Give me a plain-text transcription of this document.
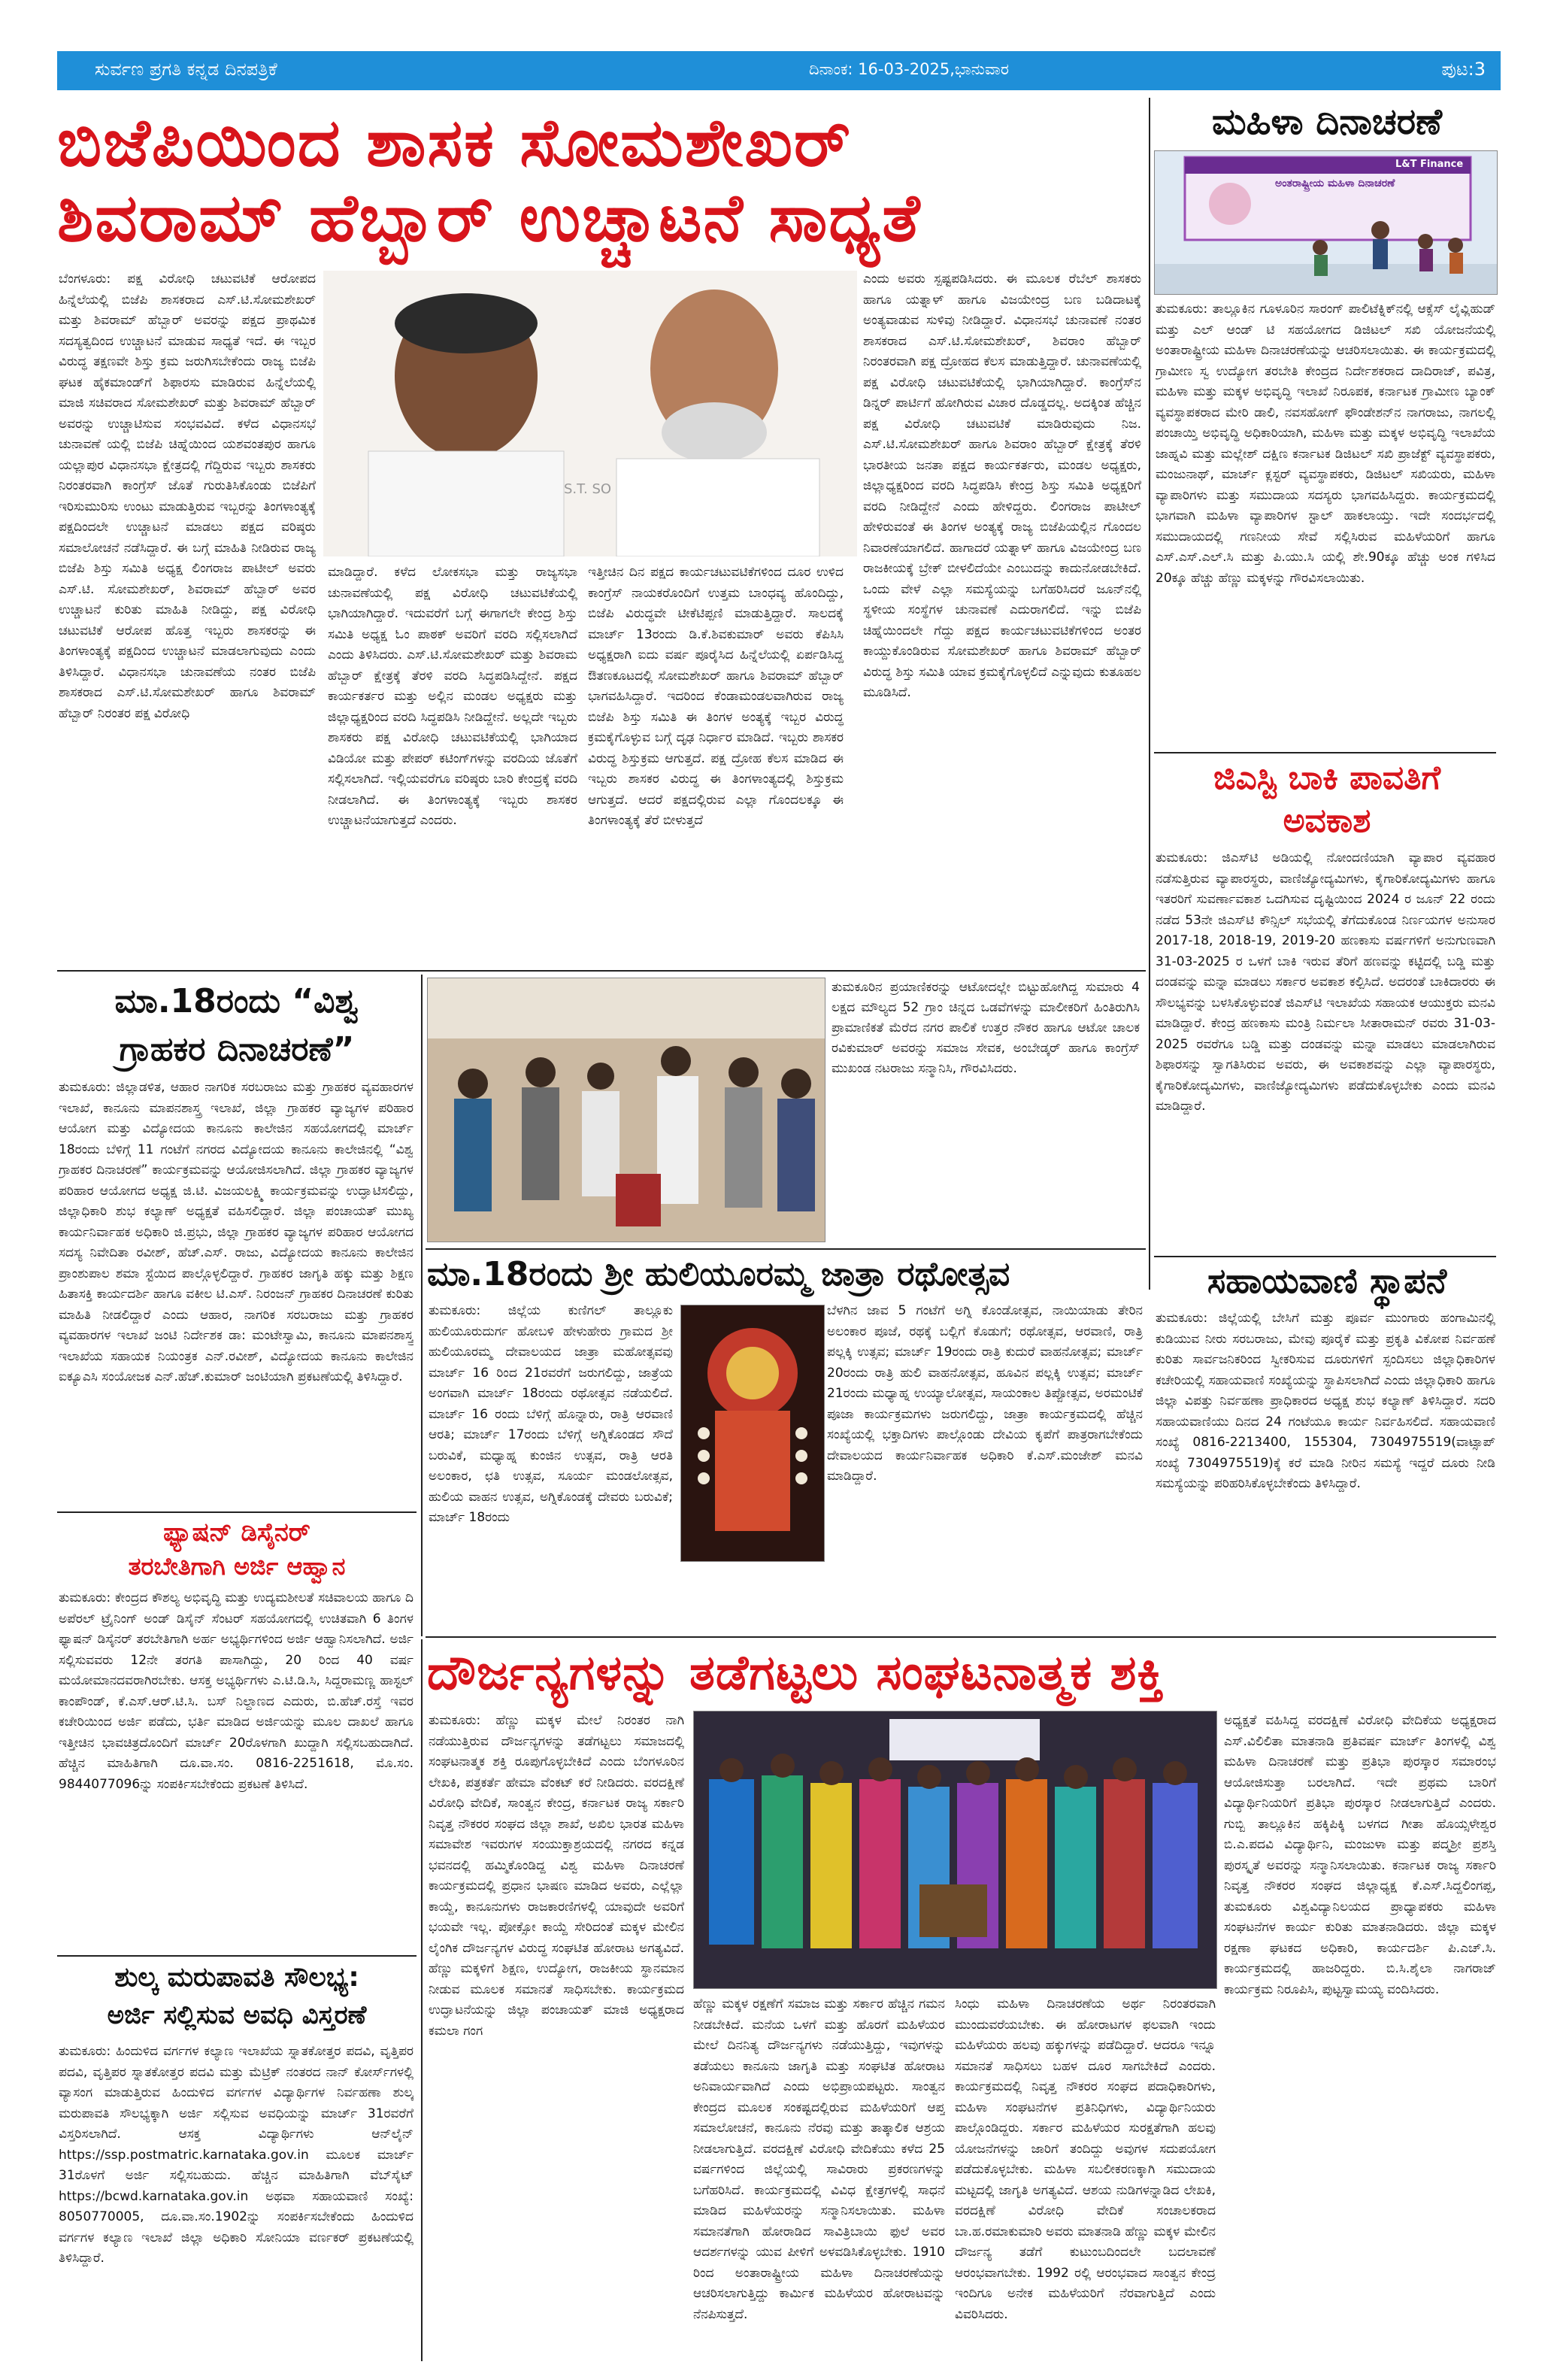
ಸುರ್ವಣ ಪ್ರಗತಿ ಕನ್ನಡ ದಿನಪತ್ರಿಕೆ	ದಿನಾಂಕ: 16-03-2025,ಭಾನುವಾರ	ಪುಟ:3
ಬಿಜೆಪಿಯಿಂದ ಶಾಸಕ ಸೋಮಶೇಖರ್
ಶಿವರಾಮ್ ಹೆಬ್ಬಾರ್ ಉಚ್ಚಾಟನೆ ಸಾಧ್ಯತೆ
ಮಹಿಳಾ ದಿನಾಚರಣೆ
ಅಂತರಾಷ್ಟ್ರೀಯ ಮಹಿಳಾ ದಿನಾಚರಣೆ
L&T Finance
ತುಮಕೂರು: ತಾಲ್ಲೂಕಿನ ಗೂಳೂರಿನ ಸಾರಂಗ್ ಪಾಲಿಟೆಕ್ನಿಕ್‌ನಲ್ಲಿ ಆಕ್ಸೆಸ್ ಲೈವ್ಲಿಹುಡ್ ಮತ್ತು ಎಲ್ ಆಂಡ್ ಟಿ ಸಹಯೋಗದ ಡಿಜಿಟಲ್ ಸಖಿ ಯೋಜನೆಯಲ್ಲಿ ಅಂತಾರಾಷ್ಟ್ರೀಯ ಮಹಿಳಾ ದಿನಾಚರಣೆಯನ್ನು ಆಚರಿಸಲಾಯಿತು. ಈ ಕಾರ್ಯಕ್ರಮದಲ್ಲಿ ಗ್ರಾಮೀಣ ಸ್ವ ಉದ್ಯೋಗ ತರಬೇತಿ ಕೇಂದ್ರದ ನಿರ್ದೇಶಕರಾದ ದಾದಿರಾಜ್, ಪವಿತ್ರ, ಮಹಿಳಾ ಮತ್ತು ಮಕ್ಕಳ ಅಭಿವೃದ್ಧಿ ಇಲಾಖೆ ನಿರೂಪಕ, ಕರ್ನಾಟಕ ಗ್ರಾಮೀಣ ಬ್ಯಾಂಕ್ ವ್ಯವಸ್ಥಾಪಕರಾದ ಮೇರಿ ಡಾಲಿ, ನವಸಹೋಗ್ ಫೌಂಡೇಶನ್‌ನ ನಾಗರಾಜು, ನಾಗಲಲ್ಲಿ ಪಂಚಾಯ್ತಿ ಅಭಿವೃದ್ಧಿ ಅಧಿಕಾರಿಯಾಗಿ, ಮಹಿಳಾ ಮತ್ತು ಮಕ್ಕಳ ಅಭಿವೃದ್ಧಿ ಇಲಾಖೆಯ ಜಾಹ್ನವಿ ಮತ್ತು ಮಲ್ಲೇಶ್ ದಕ್ಷಿಣ ಕರ್ನಾಟಕ ಡಿಜಿಟಲ್ ಸಖಿ ಪ್ರಾಜೆಕ್ಟ್ ವ್ಯವಸ್ಥಾಪಕರು, ಮಂಜುನಾಥ್, ಮಾರ್ಚ್ ಕ್ಲಸ್ಟರ್ ವ್ಯವಸ್ಥಾಪಕರು, ಡಿಜಿಟಲ್ ಸಖಿಯರು, ಮಹಿಳಾ ವ್ಯಾಪಾರಿಗಳು ಮತ್ತು ಸಮುದಾಯ ಸದಸ್ಯರು ಭಾಗವಹಿಸಿದ್ದರು. ಕಾರ್ಯಕ್ರಮದಲ್ಲಿ ಭಾಗವಾಗಿ ಮಹಿಳಾ ವ್ಯಾಪಾರಿಗಳ ಸ್ಟಾಲ್ ಹಾಕಲಾಯ್ತು. ಇದೇ ಸಂದರ್ಭದಲ್ಲಿ ಸಮುದಾಯದಲ್ಲಿ ಗಣನೀಯ ಸೇವೆ ಸಲ್ಲಿಸಿರುವ ಮಹಿಳೆಯರಿಗೆ ಹಾಗೂ ಎಸ್.ಎಸ್.ಎಲ್.ಸಿ ಮತ್ತು ಪಿ.ಯು.ಸಿ ಯಲ್ಲಿ ಶೇ.90ಕ್ಕೂ ಹೆಚ್ಚು ಅಂಕ ಗಳಿಸಿದ 20ಕ್ಕೂ ಹೆಚ್ಚು ಹೆಣ್ಣು ಮಕ್ಕಳನ್ನು ಗೌರವಿಸಲಾಯಿತು.
ಜಿಎಸ್ಟಿ ಬಾಕಿ ಪಾವತಿಗೆ
ಅವಕಾಶ
ತುಮಕೂರು: ಜಿಎಸ್‌ಟಿ ಅಡಿಯಲ್ಲಿ ನೋಂದಣಿಯಾಗಿ ವ್ಯಾಪಾರ ವ್ಯವಹಾರ ನಡೆಸುತ್ತಿರುವ ವ್ಯಾಪಾರಸ್ಥರು, ವಾಣಿಜ್ಯೋದ್ಯಮಿಗಳು, ಕೈಗಾರಿಕೋದ್ಯಮಿಗಳು ಹಾಗೂ ಇತರರಿಗೆ ಸುವರ್ಣಾವಕಾಶ ಒದಗಿಸುವ ದೃಷ್ಟಿಯಿಂದ 2024 ರ ಜೂನ್ 22 ರಂದು ನಡೆದ 53ನೇ ಜಿಎಸ್‌ಟಿ ಕೌನ್ಸಿಲ್ ಸಭೆಯಲ್ಲಿ ತೆಗೆದುಕೊಂಡ ನಿರ್ಣಯಗಳ ಅನುಸಾರ 2017-18, 2018-19, 2019-20 ಹಣಕಾಸು ವರ್ಷಗಳಿಗೆ ಅನುಗುಣವಾಗಿ 31-03-2025 ರ ಒಳಗೆ ಬಾಕಿ ಇರುವ ತೆರಿಗೆ ಹಣವನ್ನು ಕಟ್ಟಿದಲ್ಲಿ ಬಡ್ಡಿ ಮತ್ತು ದಂಡವನ್ನು ಮನ್ನಾ ಮಾಡಲು ಸರ್ಕಾರ ಅವಕಾಶ ಕಲ್ಪಿಸಿದೆ. ಅದರಂತೆ ಬಾಕಿದಾರರು ಈ ಸೌಲಭ್ಯವನ್ನು ಬಳಸಿಕೊಳ್ಳುವಂತೆ ಜಿಎಸ್‌ಟಿ ಇಲಾಖೆಯ ಸಹಾಯಕ ಆಯುಕ್ತರು ಮನವಿ ಮಾಡಿದ್ದಾರೆ. ಕೇಂದ್ರ ಹಣಕಾಸು ಮಂತ್ರಿ ನಿರ್ಮಲಾ ಸೀತಾರಾಮನ್ ರವರು 31-03-2025 ರವರೆಗೂ ಬಡ್ಡಿ ಮತ್ತು ದಂಡವನ್ನು ಮನ್ನಾ ಮಾಡಲು ಮಾಡಲಾಗಿರುವ ಶಿಫಾರಸನ್ನು ಸ್ವಾಗತಿಸಿರುವ ಅವರು, ಈ ಅವಕಾಶವನ್ನು ಎಲ್ಲಾ ವ್ಯಾಪಾರಸ್ಥರು, ಕೈಗಾರಿಕೋದ್ಯಮಿಗಳು, ವಾಣಿಜ್ಯೋದ್ಯಮಿಗಳು ಪಡೆದುಕೊಳ್ಳಬೇಕು ಎಂದು ಮನವಿ ಮಾಡಿದ್ದಾರೆ.
S.T. SO
ಬೆಂಗಳೂರು: ಪಕ್ಷ ವಿರೋಧಿ ಚಟುವಟಿಕೆ ಆರೋಪದ ಹಿನ್ನೆಲೆಯಲ್ಲಿ ಬಿಜೆಪಿ ಶಾಸಕರಾದ ಎಸ್.ಟಿ.ಸೋಮಶೇಖರ್ ಮತ್ತು ಶಿವರಾಮ್ ಹೆಬ್ಬಾರ್ ಅವರನ್ನು ಪಕ್ಷದ ಪ್ರಾಥಮಿಕ ಸದಸ್ಯತ್ವದಿಂದ ಉಚ್ಚಾಟನೆ ಮಾಡುವ ಸಾಧ್ಯತೆ ಇದೆ. ಈ ಇಬ್ಬರ ವಿರುದ್ಧ ತಕ್ಷಣವೇ ಶಿಸ್ತು ಕ್ರಮ ಜರುಗಿಸಬೇಕೆಂದು ರಾಜ್ಯ ಬಿಜೆಪಿ ಘಟಕ ಹೈಕಮಾಂಡ್‌ಗೆ ಶಿಫಾರಸು ಮಾಡಿರುವ ಹಿನ್ನೆಲೆಯಲ್ಲಿ ಮಾಜಿ ಸಚಿವರಾದ ಸೋಮಶೇಖರ್ ಮತ್ತು ಶಿವರಾಮ್ ಹೆಬ್ಬಾರ್ ಅವರನ್ನು ಉಚ್ಚಾಟಿಸುವ ಸಂಭವವಿದೆ. ಕಳೆದ ವಿಧಾನಸಭೆ ಚುನಾವಣೆ ಯಲ್ಲಿ ಬಿಜೆಪಿ ಚಿಹ್ನೆಯಿಂದ ಯಶವಂತಪುರ ಹಾಗೂ ಯಲ್ಲಾಪುರ ವಿಧಾನಸಭಾ ಕ್ಷೇತ್ರದಲ್ಲಿ ಗೆದ್ದಿರುವ ಇಬ್ಬರು ಶಾಸಕರು ನಿರಂತರವಾಗಿ ಕಾಂಗ್ರೆಸ್ ಜೊತೆ ಗುರುತಿಸಿಕೊಂಡು ಬಿಜೆಪಿಗೆ ಇರಿಸುಮುರಿಸು ಉಂಟು ಮಾಡುತ್ತಿರುವ ಇಬ್ಬರನ್ನು ತಿಂಗಳಾಂತ್ಯಕ್ಕೆ ಪಕ್ಷದಿಂದಲೇ ಉಚ್ಚಾಟನೆ ಮಾಡಲು ಪಕ್ಷದ ವರಿಷ್ಠರು ಸಮಾಲೋಚನೆ ನಡೆಸಿದ್ದಾರೆ. ಈ ಬಗ್ಗೆ ಮಾಹಿತಿ ನೀಡಿರುವ ರಾಜ್ಯ ಬಿಜೆಪಿ ಶಿಸ್ತು ಸಮಿತಿ ಅಧ್ಯಕ್ಷ ಲಿಂಗರಾಜ ಪಾಟೀಲ್ ಅವರು ಎಸ್.ಟಿ. ಸೋಮಶೇಖರ್, ಶಿವರಾಮ್ ಹೆಬ್ಬಾರ್ ಅವರ ಉಚ್ಚಾಟನೆ ಕುರಿತು ಮಾಹಿತಿ ನೀಡಿದ್ದು, ಪಕ್ಷ ವಿರೋಧಿ ಚಟುವಟಿಕೆ ಆರೋಪ ಹೊತ್ತ ಇಬ್ಬರು ಶಾಸಕರನ್ನು ಈ ತಿಂಗಳಾಂತ್ಯಕ್ಕೆ ಪಕ್ಷದಿಂದ ಉಚ್ಚಾಟನೆ ಮಾಡಲಾಗುವುದು ಎಂದು ತಿಳಿಸಿದ್ದಾರೆ. ವಿಧಾನಸಭಾ ಚುನಾವಣೆಯ ನಂತರ ಬಿಜೆಪಿ ಶಾಸಕರಾದ ಎಸ್.ಟಿ.ಸೋಮಶೇಖರ್ ಹಾಗೂ ಶಿವರಾಮ್ ಹೆಬ್ಬಾರ್ ನಿರಂತರ ಪಕ್ಷ ವಿರೋಧಿ
ಮಾಡಿದ್ದಾರೆ. ಕಳೆದ ಲೋಕಸಭಾ ಮತ್ತು ರಾಜ್ಯಸಭಾ ಚುನಾವಣೆಯಲ್ಲಿ ಪಕ್ಷ ವಿರೋಧಿ ಚಟುವಟಿಕೆಯಲ್ಲಿ ಭಾಗಿಯಾಗಿದ್ದಾರೆ. ಇದುವರೆಗೆ ಬಗ್ಗೆ ಈಗಾಗಲೇ ಕೇಂದ್ರ ಶಿಸ್ತು ಸಮಿತಿ ಅಧ್ಯಕ್ಷ ಓಂ ಪಾಠಕ್ ಅವರಿಗೆ ವರದಿ ಸಲ್ಲಿಸಲಾಗಿದೆ ಎಂದು ತಿಳಿಸಿದರು. ಎಸ್.ಟಿ.ಸೋಮಶೇಖರ್ ಮತ್ತು ಶಿವರಾಮ ಹೆಬ್ಬಾರ್ ಕ್ಷೇತ್ರಕ್ಕೆ ತೆರಳಿ ವರದಿ ಸಿದ್ಧಪಡಿಸಿದ್ದೇನೆ. ಪಕ್ಷದ ಕಾರ್ಯಕರ್ತರ ಮತ್ತು ಅಲ್ಲಿನ ಮಂಡಲ ಅಧ್ಯಕ್ಷರು ಮತ್ತು ಜಿಲ್ಲಾಧ್ಯಕ್ಷರಿಂದ ವರದಿ ಸಿದ್ಧಪಡಿಸಿ ನೀಡಿದ್ದೇನೆ. ಅಲ್ಲದೇ ಇಬ್ಬರು ಶಾಸಕರು ಪಕ್ಷ ವಿರೋಧಿ ಚಟುವಟಿಕೆಯಲ್ಲಿ ಭಾಗಿಯಾದ ವಿಡಿಯೋ ಮತ್ತು ಪೇಪರ್ ಕಟಿಂಗ್‌ಗಳನ್ನು ವರದಿಯ ಜೊತೆಗೆ ಸಲ್ಲಿಸಲಾಗಿದೆ. ಇಲ್ಲಿಯವರೆಗೂ ವರಿಷ್ಠರು ಬಾರಿ ಕೇಂದ್ರಕ್ಕೆ ವರದಿ ನೀಡಲಾಗಿದೆ. ಈ ತಿಂಗಳಾಂತ್ಯಕ್ಕೆ ಇಬ್ಬರು ಶಾಸಕರ ಉಚ್ಚಾಟನೆಯಾಗುತ್ತದೆ ಎಂದರು.
ಇತ್ತೀಚಿನ ದಿನ ಪಕ್ಷದ ಕಾರ್ಯಚಟುವಟಿಕೆಗಳಿಂದ ದೂರ ಉಳಿದ ಕಾಂಗ್ರೆಸ್ ನಾಯಕರೊಂದಿಗೆ ಉತ್ತಮ ಬಾಂಧವ್ಯ ಹೊಂದಿದ್ದು, ಬಿಜೆಪಿ ವಿರುದ್ಧವೇ ಟೀಕೆಟಿಪ್ಪಣಿ ಮಾಡುತ್ತಿದ್ದಾರೆ. ಸಾಲದಕ್ಕೆ ಮಾರ್ಚ್ 13ರಂದು ಡಿ.ಕೆ.ಶಿವಕುಮಾರ್ ಅವರು ಕೆಪಿಸಿಸಿ ಅಧ್ಯಕ್ಷರಾಗಿ ಐದು ವರ್ಷ ಪೂರೈಸಿದ ಹಿನ್ನೆಲೆಯಲ್ಲಿ ಏರ್ಪಡಿಸಿದ್ದ ಔತಣಕೂಟದಲ್ಲಿ ಸೋಮಶೇಖರ್ ಹಾಗೂ ಶಿವರಾಮ್ ಹೆಬ್ಬಾರ್ ಭಾಗವಹಿಸಿದ್ದಾರೆ. ಇದರಿಂದ ಕೆಂಡಾಮಂಡಲವಾಗಿರುವ ರಾಜ್ಯ ಬಿಜೆಪಿ ಶಿಸ್ತು ಸಮಿತಿ ಈ ತಿಂಗಳ ಅಂತ್ಯಕ್ಕೆ ಇಬ್ಬರ ವಿರುದ್ಧ ಕ್ರಮಕೈಗೊಳ್ಳುವ ಬಗ್ಗೆ ದೃಢ ನಿರ್ಧಾರ ಮಾಡಿದೆ. ಇಬ್ಬರು ಶಾಸಕರ ವಿರುದ್ಧ ಶಿಸ್ತುಕ್ರಮ ಆಗುತ್ತದೆ. ಪಕ್ಷ ದ್ರೋಹ ಕೆಲಸ ಮಾಡಿದ ಈ ಇಬ್ಬರು ಶಾಸಕರ ವಿರುದ್ಧ ಈ ತಿಂಗಳಾಂತ್ಯದಲ್ಲಿ ಶಿಸ್ತುಕ್ರಮ ಆಗುತ್ತದೆ. ಆದರೆ ಪಕ್ಷದಲ್ಲಿರುವ ಎಲ್ಲಾ ಗೊಂದಲಕ್ಕೂ ಈ ತಿಂಗಳಾಂತ್ಯಕ್ಕೆ ತೆರೆ ಬೀಳುತ್ತದೆ
ಎಂದು ಅವರು ಸ್ಪಷ್ಟಪಡಿಸಿದರು. ಈ ಮೂಲಕ ರೆಬೆಲ್ ಶಾಸಕರು ಹಾಗೂ ಯತ್ನಾಳ್ ಹಾಗೂ ವಿಜಯೇಂದ್ರ ಬಣ ಬಡಿದಾಟಕ್ಕೆ ಅಂತ್ಯವಾಡುವ ಸುಳಿವು ನೀಡಿದ್ದಾರೆ. ವಿಧಾನಸಭೆ ಚುನಾವಣೆ ನಂತರ ಶಾಸಕರಾದ ಎಸ್.ಟಿ.ಸೋಮಶೇಖರ್, ಶಿವರಾಂ ಹೆಬ್ಬಾರ್ ನಿರಂತರವಾಗಿ ಪಕ್ಷ ದ್ರೋಹದ ಕೆಲಸ ಮಾಡುತ್ತಿದ್ದಾರೆ. ಚುನಾವಣೆಯಲ್ಲಿ ಪಕ್ಷ ವಿರೋಧಿ ಚಟುವಟಿಕೆಯಲ್ಲಿ ಭಾಗಿಯಾಗಿದ್ದಾರೆ. ಕಾಂಗ್ರೆಸ್‌ನ ಡಿನ್ನರ್ ಪಾರ್ಟಿಗೆ ಹೋಗಿರುವ ವಿಚಾರ ದೊಡ್ಡದಲ್ಲ. ಅದಕ್ಕಿಂತ ಹೆಚ್ಚಿನ ಪಕ್ಷ ವಿರೋಧಿ ಚಟುವಟಿಕೆ ಮಾಡಿರುವುದು ನಿಜ. ಎಸ್.ಟಿ.ಸೋಮಶೇಖರ್ ಹಾಗೂ ಶಿವರಾಂ ಹೆಬ್ಬಾರ್ ಕ್ಷೇತ್ರಕ್ಕೆ ತೆರಳಿ ಭಾರತೀಯ ಜನತಾ ಪಕ್ಷದ ಕಾರ್ಯಕರ್ತರು, ಮಂಡಲ ಅಧ್ಯಕ್ಷರು, ಜಿಲ್ಲಾಧ್ಯಕ್ಷರಿಂದ ವರದಿ ಸಿದ್ಧಪಡಿಸಿ ಕೇಂದ್ರ ಶಿಸ್ತು ಸಮಿತಿ ಅಧ್ಯಕ್ಷರಿಗೆ ವರದಿ ನೀಡಿದ್ದೇನೆ ಎಂದು ಹೇಳಿದ್ದರು. ಲಿಂಗರಾಜ ಪಾಟೀಲ್ ಹೇಳಿರುವಂತೆ ಈ ತಿಂಗಳ ಅಂತ್ಯಕ್ಕೆ ರಾಜ್ಯ ಬಿಜೆಪಿಯಲ್ಲಿನ ಗೊಂದಲ ನಿವಾರಣೆಯಾಗಲಿದೆ. ಹಾಗಾದರೆ ಯತ್ನಾಳ್ ಹಾಗೂ ವಿಜಯೇಂದ್ರ ಬಣ ರಾಜಕೀಯಕ್ಕೆ ಬ್ರೇಕ್ ಬೀಳಲಿದೆಯೇ ಎಂಬುದನ್ನು ಕಾದುನೋಡಬೇಕಿದೆ. ಒಂದು ವೇಳೆ ಎಲ್ಲಾ ಸಮಸ್ಯೆಯನ್ನು ಬಗೆಹರಿಸಿದರೆ ಜೂನ್‌ನಲ್ಲಿ ಸ್ಥಳೀಯ ಸಂಸ್ಥೆಗಳ ಚುನಾವಣೆ ಎದುರಾಗಲಿದೆ. ಇನ್ನು ಬಿಜೆಪಿ ಚಿಹ್ನೆಯಿಂದಲೇ ಗೆದ್ದು ಪಕ್ಷದ ಕಾರ್ಯಚಟುವಟಿಕೆಗಳಿಂದ ಅಂತರ ಕಾಯ್ದುಕೊಂಡಿರುವ ಸೋಮಶೇಖರ್ ಹಾಗೂ ಶಿವರಾಮ್ ಹೆಬ್ಬಾರ್ ವಿರುದ್ಧ ಶಿಸ್ತು ಸಮಿತಿ ಯಾವ ಕ್ರಮಕೈಗೊಳ್ಳಲಿದೆ ಎನ್ನುವುದು ಕುತೂಹಲ ಮೂಡಿಸಿದೆ.
ಮಾ.18ರಂದು “ವಿಶ್ವ
ಗ್ರಾಹಕರ ದಿನಾಚರಣೆ”
ತುಮಕೂರು: ಜಿಲ್ಲಾಡಳಿತ, ಆಹಾರ ನಾಗರಿಕ ಸರಬರಾಜು ಮತ್ತು ಗ್ರಾಹಕರ ವ್ಯವಹಾರಗಳ ಇಲಾಖೆ, ಕಾನೂನು ಮಾಪನಶಾಸ್ತ್ರ ಇಲಾಖೆ, ಜಿಲ್ಲಾ ಗ್ರಾಹಕರ ವ್ಯಾಜ್ಯಗಳ ಪರಿಹಾರ ಆಯೋಗ ಮತ್ತು ವಿದ್ಯೋದಯ ಕಾನೂನು ಕಾಲೇಜಿನ ಸಹಯೋಗದಲ್ಲಿ ಮಾರ್ಚ್ 18ರಂದು ಬೆಳಿಗ್ಗೆ 11 ಗಂಟೆಗೆ ನಗರದ ವಿದ್ಯೋದಯ ಕಾನೂನು ಕಾಲೇಜಿನಲ್ಲಿ “ವಿಶ್ವ ಗ್ರಾಹಕರ ದಿನಾಚರಣೆ” ಕಾರ್ಯಕ್ರಮವನ್ನು ಆಯೋಜಿಸಲಾಗಿದೆ. ಜಿಲ್ಲಾ ಗ್ರಾಹಕರ ವ್ಯಾಜ್ಯಗಳ ಪರಿಹಾರ ಆಯೋಗದ ಅಧ್ಯಕ್ಷ ಜಿ.ಟಿ. ವಿಜಯಲಕ್ಷ್ಮಿ ಕಾರ್ಯಕ್ರಮವನ್ನು ಉದ್ಘಾಟಿಸಲಿದ್ದು, ಜಿಲ್ಲಾಧಿಕಾರಿ ಶುಭ ಕಲ್ಯಾಣ್ ಅಧ್ಯಕ್ಷತೆ ವಹಿಸಲಿದ್ದಾರೆ. ಜಿಲ್ಲಾ ಪಂಚಾಯತ್ ಮುಖ್ಯ ಕಾರ್ಯನಿರ್ವಾಹಕ ಅಧಿಕಾರಿ ಜಿ.ಪ್ರಭು, ಜಿಲ್ಲಾ ಗ್ರಾಹಕರ ವ್ಯಾಜ್ಯಗಳ ಪರಿಹಾರ ಆಯೋಗದ ಸದಸ್ಯ ನಿವೇದಿತಾ ರವೀಶ್, ಹೆಚ್.ಎಸ್. ರಾಜು, ವಿದ್ಯೋದಯ ಕಾನೂನು ಕಾಲೇಜಿನ ಪ್ರಾಂಶುಪಾಲ ಶಮಾ ಸ್ಟೆಯಿದ ಪಾಲ್ಗೊಳ್ಳಲಿದ್ದಾರೆ. ಗ್ರಾಹಕರ ಜಾಗೃತಿ ಹಕ್ಕು ಮತ್ತು ಶಿಕ್ಷಣ ಹಿತಾಸಕ್ತಿ ಕಾರ್ಯದರ್ಶಿ ಹಾಗೂ ವಕೀಲ ಟಿ.ಎಸ್. ನಿರಂಜನ್ ಗ್ರಾಹಕರ ದಿನಾಚರಣೆ ಕುರಿತು ಮಾಹಿತಿ ನೀಡಲಿದ್ದಾರೆ ಎಂದು ಆಹಾರ, ನಾಗರಿಕ ಸರಬರಾಜು ಮತ್ತು ಗ್ರಾಹಕರ ವ್ಯವಹಾರಗಳ ಇಲಾಖೆ ಜಂಟಿ ನಿರ್ದೇಶಕ ಡಾ: ಮಂಟೇಸ್ವಾಮಿ, ಕಾನೂನು ಮಾಪನಶಾಸ್ತ್ರ ಇಲಾಖೆಯ ಸಹಾಯಕ ನಿಯಂತ್ರಕ ಎನ್.ರವೀಶ್, ವಿದ್ಯೋದಯ ಕಾನೂನು ಕಾಲೇಜಿನ ಐಕ್ಯೂಎಸಿ ಸಂಯೋಜಕ ಎನ್.ಹೆಚ್.ಕುಮಾರ್ ಜಂಟಿಯಾಗಿ ಪ್ರಕಟಣೆಯಲ್ಲಿ ತಿಳಿಸಿದ್ದಾರೆ.
ತುಮಕೂರಿನ ಪ್ರಯಾಣಿಕರನ್ನು ಆಟೋದಲ್ಲೇ ಬಿಟ್ಟುಹೋಗಿದ್ದ ಸುಮಾರು 4 ಲಕ್ಷದ ಮೌಲ್ಯದ 52 ಗ್ರಾಂ ಚಿನ್ನದ ಒಡವೆಗಳನ್ನು ಮಾಲೀಕರಿಗೆ ಹಿಂತಿರುಗಿಸಿ ಪ್ರಾಮಾಣಿಕತೆ ಮೆರೆದ ನಗರ ಪಾಲಿಕೆ ಉತ್ತರ ನೌಕರ ಹಾಗೂ ಆಟೋ ಚಾಲಕ ರವಿಕುಮಾರ್ ಅವರನ್ನು ಸಮಾಜ ಸೇವಕ, ಅಂಬೇಡ್ಕರ್ ಹಾಗೂ ಕಾಂಗ್ರೆಸ್ ಮುಖಂಡ ನಟರಾಜು ಸನ್ಮಾನಿಸಿ, ಗೌರವಿಸಿದರು.
ಮಾ.18ರಂದು ಶ್ರೀ ಹುಲಿಯೂರಮ್ಮ ಜಾತ್ರಾ ರಥೋತ್ಸವ
ತುಮಕೂರು: ಜಿಲ್ಲೆಯ ಕುಣಿಗಲ್ ತಾಲ್ಲೂಕು ಹುಲಿಯೂರುದುರ್ಗ ಹೋಬಳಿ ಹೇಳುಹೇರು ಗ್ರಾಮದ ಶ್ರೀ ಹುಲಿಯೂರಮ್ಮ ದೇವಾಲಯದ ಜಾತ್ರಾ ಮಹೋತ್ಸವವು ಮಾರ್ಚ್ 16 ರಿಂದ 21ರವರೆಗೆ ಜರುಗಲಿದ್ದು, ಜಾತ್ರೆಯ ಅಂಗವಾಗಿ ಮಾರ್ಚ್ 18ರಂದು ರಥೋತ್ಸವ ನಡೆಯಲಿದೆ. ಮಾರ್ಚ್ 16 ರಂದು ಬೆಳಿಗ್ಗೆ ಹೊನ್ನಾರು, ರಾತ್ರಿ ಆರವಾಣಿ ಆರತಿ; ಮಾರ್ಚ್ 17ರಂದು ಬೆಳಿಗ್ಗೆ ಅಗ್ನಿಕೊಂಡದ ಸೌದೆ ಬರುವಿಕೆ, ಮಧ್ಯಾಹ್ನ ಕುಂಜಿನ ಉತ್ಸವ, ರಾತ್ರಿ ಆರತಿ ಅಲಂಕಾರ, ಛತಿ ಉತ್ಸವ, ಸೂರ್ಯ ಮಂಡಲೋತ್ಸವ, ಹುಲಿಯ ವಾಹನ ಉತ್ಸವ, ಅಗ್ನಿಕೊಂಡಕ್ಕೆ ದೇವರು ಬರುವಿಕೆ; ಮಾರ್ಚ್ 18ರಂದು
ಬೆಳಗಿನ ಜಾವ 5 ಗಂಟೆಗೆ ಅಗ್ನಿ ಕೊಂಡೋತ್ಸವ, ನಾಯಿಯಾಡು ತೇರಿನ ಅಲಂಕಾರ ಪೂಜೆ, ರಥಕ್ಕೆ ಬಲ್ಲಿಗೆ ಕೊಡುಗೆ; ರಥೋತ್ಸವ, ಆರವಾಣಿ, ರಾತ್ರಿ ಪಲ್ಲಕ್ಕಿ ಉತ್ಸವ; ಮಾರ್ಚ್ 19ರಂದು ರಾತ್ರಿ ಕುದುರೆ ವಾಹನೋತ್ಸವ; ಮಾರ್ಚ್ 20ರಂದು ರಾತ್ರಿ ಹುಲಿ ವಾಹನೋತ್ಸವ, ಹೂವಿನ ಪಲ್ಲಕ್ಕಿ ಉತ್ಸವ; ಮಾರ್ಚ್ 21ರಂದು ಮಧ್ಯಾಹ್ನ ಉಯ್ಯಾಲೋತ್ಸವ, ಸಾಯಂಕಾಲ ತಿಪ್ಪೋತ್ಸವ, ಅರಮಂಟಿಕೆ ಪೂಜಾ ಕಾರ್ಯಕ್ರಮಗಳು ಜರುಗಲಿದ್ದು, ಜಾತ್ರಾ ಕಾರ್ಯಕ್ರಮದಲ್ಲಿ ಹೆಚ್ಚಿನ ಸಂಖ್ಯೆಯಲ್ಲಿ ಭಕ್ತಾದಿಗಳು ಪಾಲ್ಗೊಂಡು ದೇವಿಯ ಕೃಪೆಗೆ ಪಾತ್ರರಾಗಬೇಕೆಂದು ದೇವಾಲಯದ ಕಾರ್ಯನಿರ್ವಾಹಕ ಅಧಿಕಾರಿ ಕೆ.ಎಸ್.ಮಂಜೇಶ್ ಮನವಿ ಮಾಡಿದ್ದಾರೆ.
ಸಹಾಯವಾಣಿ ಸ್ಥಾಪನೆ
ತುಮಕೂರು: ಜಿಲ್ಲೆಯಲ್ಲಿ ಬೇಸಿಗೆ ಮತ್ತು ಪೂರ್ವ ಮುಂಗಾರು ಹಂಗಾಮಿನಲ್ಲಿ ಕುಡಿಯುವ ನೀರು ಸರಬರಾಜು, ಮೇವು ಪೂರೈಕೆ ಮತ್ತು ಪ್ರಕೃತಿ ವಿಕೋಪ ನಿರ್ವಹಣೆ ಕುರಿತು ಸಾರ್ವಜನಿಕರಿಂದ ಸ್ವೀಕರಿಸುವ ದೂರುಗಳಿಗೆ ಸ್ಪಂದಿಸಲು ಜಿಲ್ಲಾಧಿಕಾರಿಗಳ ಕಚೇರಿಯಲ್ಲಿ ಸಹಾಯವಾಣಿ ಸಂಖ್ಯೆಯನ್ನು ಸ್ಥಾಪಿಸಲಾಗಿದೆ ಎಂದು ಜಿಲ್ಲಾಧಿಕಾರಿ ಹಾಗೂ ಜಿಲ್ಲಾ ವಿಪತ್ತು ನಿರ್ವಹಣಾ ಪ್ರಾಧಿಕಾರದ ಅಧ್ಯಕ್ಷ ಶುಭ ಕಲ್ಯಾಣ್ ತಿಳಿಸಿದ್ದಾರೆ. ಸದರಿ ಸಹಾಯವಾಣಿಯು ದಿನದ 24 ಗಂಟೆಯೂ ಕಾರ್ಯ ನಿರ್ವಹಿಸಲಿದೆ. ಸಹಾಯವಾಣಿ ಸಂಖ್ಯೆ 0816-2213400, 155304, 7304975519(ವಾಟ್ಸಾಪ್ ಸಂಖ್ಯೆ 7304975519)ಕ್ಕೆ ಕರೆ ಮಾಡಿ ನೀರಿನ ಸಮಸ್ಯೆ ಇದ್ದರೆ ದೂರು ನೀಡಿ ಸಮಸ್ಯೆಯನ್ನು ಪರಿಹರಿಸಿಕೊಳ್ಳಬೇಕೆಂದು ತಿಳಿಸಿದ್ದಾರೆ.
ಫ್ಯಾಷನ್ ಡಿಸೈನರ್
ತರಬೇತಿಗಾಗಿ ಅರ್ಜಿ ಆಹ್ವಾನ
ತುಮಕೂರು: ಕೇಂದ್ರದ ಕೌಶಲ್ಯ ಅಭಿವೃದ್ಧಿ ಮತ್ತು ಉದ್ಯಮಶೀಲತೆ ಸಚಿವಾಲಯ ಹಾಗೂ ದಿ ಅಪೆರಲ್ ಟ್ರೈನಿಂಗ್ ಅಂಡ್ ಡಿಸೈನ್ ಸೆಂಟರ್ ಸಹಯೋಗದಲ್ಲಿ ಉಚಿತವಾಗಿ 6 ತಿಂಗಳ ಫ್ಯಾಷನ್ ಡಿಸೈನರ್ ತರಬೇತಿಗಾಗಿ ಅರ್ಹ ಅಭ್ಯರ್ಥಿಗಳಿಂದ ಅರ್ಜಿ ಆಹ್ವಾನಿಸಲಾಗಿದೆ. ಅರ್ಜಿ ಸಲ್ಲಿಸುವವರು 12ನೇ ತರಗತಿ ಪಾಸಾಗಿದ್ದು, 20 ರಿಂದ 40 ವರ್ಷ ಮಯೋಮಾನದವರಾಗಿರಬೇಕು. ಆಸಕ್ತ ಅಭ್ಯರ್ಥಿಗಳು ಎ.ಟಿ.ಡಿ.ಸಿ, ಸಿದ್ದರಾಮಣ್ಣ ಹಾಸ್ಟಲ್ ಕಾಂಪೌಂಡ್, ಕೆ.ಎಸ್.ಆರ್.ಟಿ.ಸಿ. ಬಸ್ ನಿಲ್ದಾಣದ ಎದುರು, ಬಿ.ಹೆಚ್.ರಸ್ತೆ ಇವರ ಕಚೇರಿಯಿಂದ ಅರ್ಜಿ ಪಡೆದು, ಭರ್ತಿ ಮಾಡಿದ ಅರ್ಜಿಯನ್ನು ಮೂಲ ದಾಖಲೆ ಹಾಗೂ ಇತ್ತೀಚಿನ ಭಾವಚಿತ್ರದೊಂದಿಗೆ ಮಾರ್ಚ್ 20ರೊಳಗಾಗಿ ಖುದ್ದಾಗಿ ಸಲ್ಲಿಸಬಹುದಾಗಿದೆ. ಹೆಚ್ಚಿನ ಮಾಹಿತಿಗಾಗಿ ದೂ.ವಾ.ಸಂ. 0816-2251618, ಮೊ.ಸಂ. 9844077096ನ್ನು ಸಂಪರ್ಕಿಸಬೇಕೆಂದು ಪ್ರಕಟಣೆ ತಿಳಿಸಿದೆ.
ಶುಲ್ಕ ಮರುಪಾವತಿ ಸೌಲಭ್ಯ:
ಅರ್ಜಿ ಸಲ್ಲಿಸುವ ಅವಧಿ ವಿಸ್ತರಣೆ
ತುಮಕೂರು: ಹಿಂದುಳಿದ ವರ್ಗಗಳ ಕಲ್ಯಾಣ ಇಲಾಖೆಯ ಸ್ನಾತಕೋತ್ತರ ಪದವಿ, ವೃತ್ತಿಪರ ಪದವಿ, ವೃತ್ತಿಪರ ಸ್ನಾತಕೋತ್ತರ ಪದವಿ ಮತ್ತು ಮೆಟ್ರಿಕ್ ನಂತರದ ನಾನ್ ಕೋರ್ಸ್‌ಗಳಲ್ಲಿ ವ್ಯಾಸಂಗ ಮಾಡುತ್ತಿರುವ ಹಿಂದುಳಿದ ವರ್ಗಗಳ ವಿದ್ಯಾರ್ಥಿಗಳ ನಿರ್ವಹಣಾ ಶುಲ್ಕ ಮರುಪಾವತಿ ಸೌಲಭ್ಯಕ್ಕಾಗಿ ಅರ್ಜಿ ಸಲ್ಲಿಸುವ ಅವಧಿಯನ್ನು ಮಾರ್ಚ್ 31ರವರೆಗೆ ವಿಸ್ತರಿಸಲಾಗಿದೆ. ಆಸಕ್ತ ವಿದ್ಯಾರ್ಥಿಗಳು ಆನ್‌ಲೈನ್ https://ssp.postmatric.karnataka.gov.in ಮೂಲಕ ಮಾರ್ಚ್ 31ರೊಳಗೆ ಅರ್ಜಿ ಸಲ್ಲಿಸಬಹುದು. ಹೆಚ್ಚಿನ ಮಾಹಿತಿಗಾಗಿ ವೆಬ್‌ಸೈಟ್ https://bcwd.karnataka.gov.in ಅಥವಾ ಸಹಾಯವಾಣಿ ಸಂಖ್ಯೆ: 8050770005, ದೂ.ವಾ.ಸಂ.1902ನ್ನು ಸಂಪರ್ಕಿಸಬೇಕೆಂದು ಹಿಂದುಳಿದ ವರ್ಗಗಳ ಕಲ್ಯಾಣ ಇಲಾಖೆ ಜಿಲ್ಲಾ ಅಧಿಕಾರಿ ಸೋನಿಯಾ ವರ್ಣಕರ್ ಪ್ರಕಟಣೆಯಲ್ಲಿ ತಿಳಿಸಿದ್ದಾರೆ.
ದೌರ್ಜನ್ಯಗಳನ್ನು ತಡೆಗಟ್ಟಲು ಸಂಘಟನಾತ್ಮಕ ಶಕ್ತಿ
ತುಮಕೂರು: ಹೆಣ್ಣು ಮಕ್ಕಳ ಮೇಲೆ ನಿರಂತರ ನಾಗಿ ನಡೆಯುತ್ತಿರುವ ದೌರ್ಜನ್ಯಗಳನ್ನು ತಡೆಗಟ್ಟಲು ಸಮಾಜದಲ್ಲಿ ಸಂಘಟನಾತ್ಮಕ ಶಕ್ತಿ ರೂಪುಗೊಳ್ಳಬೇಕಿದೆ ಎಂದು ಬೆಂಗಳೂರಿನ ಲೇಖಕಿ, ಪತ್ರಕರ್ತೆ ಹೇಮಾ ವೆಂಕಟ್ ಕರೆ ನೀಡಿದರು. ವರದಕ್ಷಿಣೆ ವಿರೋಧಿ ವೇದಿಕೆ, ಸಾಂತ್ವನ ಕೇಂದ್ರ, ಕರ್ನಾಟಕ ರಾಜ್ಯ ಸರ್ಕಾರಿ ನಿವೃತ್ತ ನೌಕರರ ಸಂಘದ ಜಿಲ್ಲಾ ಶಾಖೆ, ಅಖಿಲ ಭಾರತ ಮಹಿಳಾ ಸಮಾವೇಶ ಇವರುಗಳ ಸಂಯುಕ್ತಾಶ್ರಯದಲ್ಲಿ ನಗರದ ಕನ್ನಡ ಭವನದಲ್ಲಿ ಹಮ್ಮಿಕೊಂಡಿದ್ದ ವಿಶ್ವ ಮಹಿಳಾ ದಿನಾಚರಣೆ ಕಾರ್ಯಕ್ರಮದಲ್ಲಿ ಪ್ರಧಾನ ಭಾಷಣ ಮಾಡಿದ ಅವರು, ಎಲ್ಲೆಲ್ಲಾ ಕಾಯ್ದೆ, ಕಾನೂನುಗಳು ರಾಜಕಾರಣಿಗಳಲ್ಲಿ ಯಾವುದೇ ಅವರಿಗೆ ಭಯವೇ ಇಲ್ಲ. ಪೋಕ್ಸೋ ಕಾಯ್ದೆ ಸೇರಿದಂತೆ ಮಕ್ಕಳ ಮೇಲಿನ ಲೈಂಗಿಕ ದೌರ್ಜನ್ಯಗಳ ವಿರುದ್ಧ ಸಂಘಟಿತ ಹೋರಾಟ ಅಗತ್ಯವಿದೆ. ಹೆಣ್ಣು ಮಕ್ಕಳಿಗೆ ಶಿಕ್ಷಣ, ಉದ್ಯೋಗ, ರಾಜಕೀಯ ಸ್ಥಾನಮಾನ ನೀಡುವ ಮೂಲಕ ಸಮಾನತೆ ಸಾಧಿಸಬೇಕು. ಕಾರ್ಯಕ್ರಮದ ಉದ್ಘಾಟನೆಯನ್ನು ಜಿಲ್ಲಾ ಪಂಚಾಯತ್ ಮಾಜಿ ಅಧ್ಯಕ್ಷರಾದ ಕಮಲಾ ಗಂಗ
ಅಧ್ಯಕ್ಷತೆ ವಹಿಸಿದ್ದ ವರದಕ್ಷಿಣೆ ವಿರೋಧಿ ವೇದಿಕೆಯ ಅಧ್ಯಕ್ಷರಾದ ಎಸ್.ವಿಲಿಲಿತಾ ಮಾತನಾಡಿ ಪ್ರತಿವರ್ಷ ಮಾರ್ಚ್ ತಿಂಗಳಲ್ಲಿ ವಿಶ್ವ ಮಹಿಳಾ ದಿನಾಚರಣೆ ಮತ್ತು ಪ್ರತಿಭಾ ಪುರಸ್ಕಾರ ಸಮಾರಂಭ ಆಯೋಜಿಸುತ್ತಾ ಬರಲಾಗಿದೆ. ಇದೇ ಪ್ರಥಮ ಬಾರಿಗೆ ವಿದ್ಯಾರ್ಥಿನಿಯರಿಗೆ ಪ್ರತಿಭಾ ಪುರಸ್ಕಾರ ನೀಡಲಾಗುತ್ತಿದೆ ಎಂದರು. ಗುಬ್ಬಿ ತಾಲ್ಲೂಕಿನ ಹಕ್ಕಿಪಿಕ್ಕಿ ಬಳಗದ ಗೀತಾ ಹೊಯ್ಸಳೇಶ್ವರ ಬಿ.ಎ.ಪದವಿ ವಿದ್ಯಾರ್ಥಿನಿ, ಮಂಜುಳಾ ಮತ್ತು ಪದ್ಮಶ್ರೀ ಪ್ರಶಸ್ತಿ ಪುರಸ್ಕೃತೆ ಅವರನ್ನು ಸನ್ಮಾನಿಸಲಾಯಿತು. ಕರ್ನಾಟಕ ರಾಜ್ಯ ಸರ್ಕಾರಿ ನಿವೃತ್ತ ನೌಕರರ ಸಂಘದ ಜಿಲ್ಲಾಧ್ಯಕ್ಷ ಕೆ.ಎಸ್.ಸಿದ್ದಲಿಂಗಪ್ಪ, ತುಮಕೂರು ವಿಶ್ವವಿದ್ಯಾನಿಲಯದ ಪ್ರಾಧ್ಯಾಪಕರು ಮಹಿಳಾ ಸಂಘಟನೆಗಳ ಕಾರ್ಯ ಕುರಿತು ಮಾತನಾಡಿದರು. ಜಿಲ್ಲಾ ಮಕ್ಕಳ ರಕ್ಷಣಾ ಘಟಕದ ಅಧಿಕಾರಿ, ಕಾರ್ಯದರ್ಶಿ ಪಿ.ಎಚ್.ಸಿ. ಕಾರ್ಯಕ್ರಮದಲ್ಲಿ ಹಾಜರಿದ್ದರು. ಬಿ.ಸಿ.ಶೈಲಾ ನಾಗರಾಜ್ ಕಾರ್ಯಕ್ರಮ ನಿರೂಪಿಸಿ, ಪುಟ್ಟಸ್ವಾಮಯ್ಯ ವಂದಿಸಿದರು.
ಹೆಣ್ಣು ಮಕ್ಕಳ ರಕ್ಷಣೆಗೆ ಸಮಾಜ ಮತ್ತು ಸರ್ಕಾರ ಹೆಚ್ಚಿನ ಗಮನ ನೀಡಬೇಕಿದೆ. ಮನೆಯ ಒಳಗೆ ಮತ್ತು ಹೊರಗೆ ಮಹಿಳೆಯರ ಮೇಲೆ ದಿನನಿತ್ಯ ದೌರ್ಜನ್ಯಗಳು ನಡೆಯುತ್ತಿದ್ದು, ಇವುಗಳನ್ನು ತಡೆಯಲು ಕಾನೂನು ಜಾಗೃತಿ ಮತ್ತು ಸಂಘಟಿತ ಹೋರಾಟ ಅನಿವಾರ್ಯವಾಗಿದೆ ಎಂದು ಅಭಿಪ್ರಾಯಪಟ್ಟರು. ಸಾಂತ್ವನ ಕೇಂದ್ರದ ಮೂಲಕ ಸಂಕಷ್ಟದಲ್ಲಿರುವ ಮಹಿಳೆಯರಿಗೆ ಆಪ್ತ ಸಮಾಲೋಚನೆ, ಕಾನೂನು ನೆರವು ಮತ್ತು ತಾತ್ಕಾಲಿಕ ಆಶ್ರಯ ನೀಡಲಾಗುತ್ತಿದೆ. ವರದಕ್ಷಿಣೆ ವಿರೋಧಿ ವೇದಿಕೆಯು ಕಳೆದ 25 ವರ್ಷಗಳಿಂದ ಜಿಲ್ಲೆಯಲ್ಲಿ ಸಾವಿರಾರು ಪ್ರಕರಣಗಳನ್ನು ಬಗೆಹರಿಸಿದೆ. ಕಾರ್ಯಕ್ರಮದಲ್ಲಿ ವಿವಿಧ ಕ್ಷೇತ್ರಗಳಲ್ಲಿ ಸಾಧನೆ ಮಾಡಿದ ಮಹಿಳೆಯರನ್ನು ಸನ್ಮಾನಿಸಲಾಯಿತು. ಮಹಿಳಾ ಸಮಾನತೆಗಾಗಿ ಹೋರಾಡಿದ ಸಾವಿತ್ರಿಬಾಯಿ ಫುಲೆ ಅವರ ಆದರ್ಶಗಳನ್ನು ಯುವ ಪೀಳಿಗೆ ಅಳವಡಿಸಿಕೊಳ್ಳಬೇಕು. 1910 ರಿಂದ ಅಂತಾರಾಷ್ಟ್ರೀಯ ಮಹಿಳಾ ದಿನಾಚರಣೆಯನ್ನು ಆಚರಿಸಲಾಗುತ್ತಿದ್ದು ಕಾರ್ಮಿಕ ಮಹಿಳೆಯರ ಹೋರಾಟವನ್ನು ನೆನಪಿಸುತ್ತದೆ.
ಸಿಂಧು ಮಹಿಳಾ ದಿನಾಚರಣೆಯ ಅರ್ಥ ನಿರಂತರವಾಗಿ ಮುಂದುವರೆಯಬೇಕು. ಈ ಹೋರಾಟಗಳ ಫಲವಾಗಿ ಇಂದು ಮಹಿಳೆಯರು ಹಲವು ಹಕ್ಕುಗಳನ್ನು ಪಡೆದಿದ್ದಾರೆ. ಆದರೂ ಇನ್ನೂ ಸಮಾನತೆ ಸಾಧಿಸಲು ಬಹಳ ದೂರ ಸಾಗಬೇಕಿದೆ ಎಂದರು. ಕಾರ್ಯಕ್ರಮದಲ್ಲಿ ನಿವೃತ್ತ ನೌಕರರ ಸಂಘದ ಪದಾಧಿಕಾರಿಗಳು, ಮಹಿಳಾ ಸಂಘಟನೆಗಳ ಪ್ರತಿನಿಧಿಗಳು, ವಿದ್ಯಾರ್ಥಿನಿಯರು ಪಾಲ್ಗೊಂಡಿದ್ದರು. ಸರ್ಕಾರ ಮಹಿಳೆಯರ ಸುರಕ್ಷತೆಗಾಗಿ ಹಲವು ಯೋಜನೆಗಳನ್ನು ಜಾರಿಗೆ ತಂದಿದ್ದು ಅವುಗಳ ಸದುಪಯೋಗ ಪಡೆದುಕೊಳ್ಳಬೇಕು. ಮಹಿಳಾ ಸಬಲೀಕರಣಕ್ಕಾಗಿ ಸಮುದಾಯ ಮಟ್ಟದಲ್ಲಿ ಜಾಗೃತಿ ಅಗತ್ಯವಿದೆ. ಆಶಯ ನುಡಿಗಳನ್ನಾಡಿದ ಲೇಖಕಿ, ವರದಕ್ಷಿಣೆ ವಿರೋಧಿ ವೇದಿಕೆ ಸಂಚಾಲಕರಾದ ಬಾ.ಹ.ರಮಾಕುಮಾರಿ ಅವರು ಮಾತನಾಡಿ ಹೆಣ್ಣು ಮಕ್ಕಳ ಮೇಲಿನ ದೌರ್ಜನ್ಯ ತಡೆಗೆ ಕುಟುಂಬದಿಂದಲೇ ಬದಲಾವಣೆ ಆರಂಭವಾಗಬೇಕು. 1992 ರಲ್ಲಿ ಆರಂಭವಾದ ಸಾಂತ್ವನ ಕೇಂದ್ರ ಇಂದಿಗೂ ಅನೇಕ ಮಹಿಳೆಯರಿಗೆ ನೆರವಾಗುತ್ತಿದೆ ಎಂದು ವಿವರಿಸಿದರು.
